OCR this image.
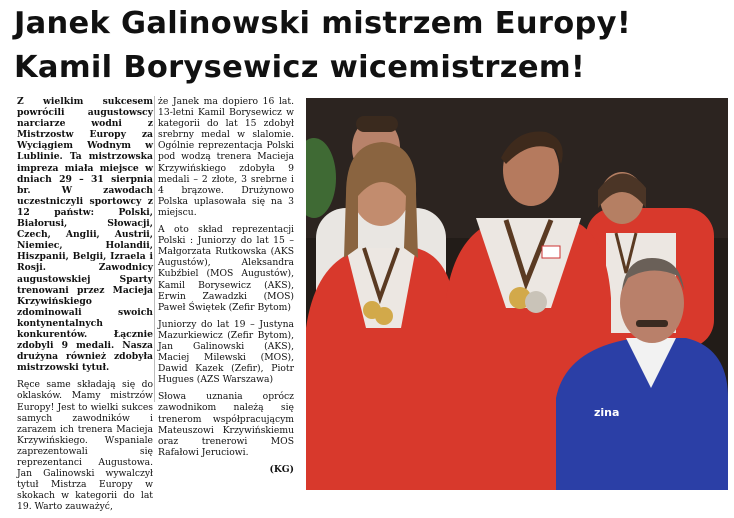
Janek Galinowski mistrzem Europy!
Kamil Borysewicz wicemistrzem!

Z wielkim sukcesem powrócili augustowscy narciarze wodni z Mistrzostw Europy za Wyciągiem Wodnym w Lublinie. Ta mistrzowska impreza miała miejsce w dniach 29 – 31 sierpnia br. W zawodach uczestniczyli sportowcy z 12 państw: Polski, Białorusi, Słowacji, Czech, Anglii, Austrii, Niemiec, Holandii, Hiszpanii, Belgii, Izraela i Rosji. Zawodnicy augustowskiej Sparty trenowani przez Macieja Krzywińskiego zdominowali swoich kontynentalnych konkurentów. Łącznie zdobyli 9 medali. Nasza drużyna również zdobyła mistrzowski tytuł.

Ręce same składają się do oklasków. Mamy mistrzów Europy! Jest to wielki sukces samych zawodników i zarazem ich trenera Macieja Krzywińskiego. Wspaniale zaprezentowali się reprezentanci Augustowa. Jan Galinowski wywalczył tytuł Mistrza Europy w skokach w kategorii do lat 19. Warto zauważyć,

że Janek ma dopiero 16 lat. 13-letni Kamil Borysewicz w kategorii do lat 15 zdobył srebrny medal w slalomie. Ogólnie reprezentacja Polski pod wodzą trenera Macieja Krzywińskiego zdobyła 9 medali – 2 złote, 3 srebrne i 4 brązowe. Drużynowo Polska uplasowała się na 3 miejscu.

A oto skład reprezentacji Polski : Juniorzy do lat 15 – Małgorzata Rutkowska (AKS Augustów), Aleksandra Kubźbiel (MOS Augustów), Kamil Borysewicz (AKS), Erwin Zawadzki (MOS) Paweł Świętek (Zefir Bytom)

Juniorzy do lat 19 – Justyna Mazurkiewicz (Zefir Bytom), Jan Galinowski (AKS), Maciej Milewski (MOS), Dawid Kazek (Zefir), Piotr Hugues (AZS Warszawa)

Słowa uznania oprócz zawodnikom należą się trenerom współpracującym Mateuszowi Krzywińskiemu oraz trenerowi MOS Rafałowi Jeruciowi.

(KG)
zina
